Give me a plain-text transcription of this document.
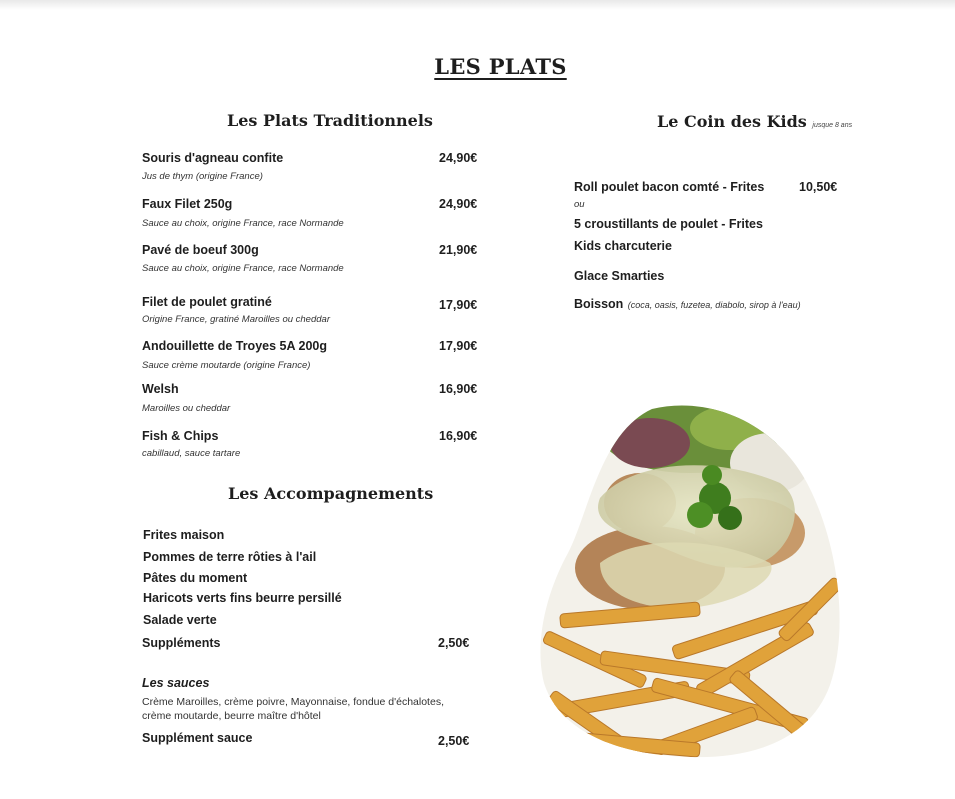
LES PLATS
Les Plats Traditionnels
Souris d'agneau confite	24,90€
Jus de thym (origine France)
Faux Filet 250g	24,90€
Sauce au choix, origine France, race Normande
Pavé de boeuf 300g	21,90€
Sauce au choix, origine France, race Normande
Filet de poulet gratiné	17,90€
Origine France, gratiné Maroilles ou cheddar
Andouillette de Troyes 5A 200g	17,90€
Sauce crème moutarde (origine France)
Welsh	16,90€
Maroilles ou cheddar
Fish & Chips	16,90€
cabillaud, sauce tartare
Les Accompagnements
Frites maison
Pommes de terre rôties à l'ail
Pâtes du moment
Haricots verts fins beurre persillé
Salade verte
Suppléments	2,50€
Les sauces
Crème Maroilles, crème poivre, Mayonnaise, fondue d'échalotes,
crème moutarde, beurre maître d'hôtel
Supplément sauce	2,50€
Le Coin des Kids jusque 8 ans
Roll poulet bacon comté - Frites	10,50€
ou
5 croustillants de poulet - Frites
Kids charcuterie
Glace Smarties
Boisson (coca, oasis, fuzetea, diabolo, sirop à l'eau)
